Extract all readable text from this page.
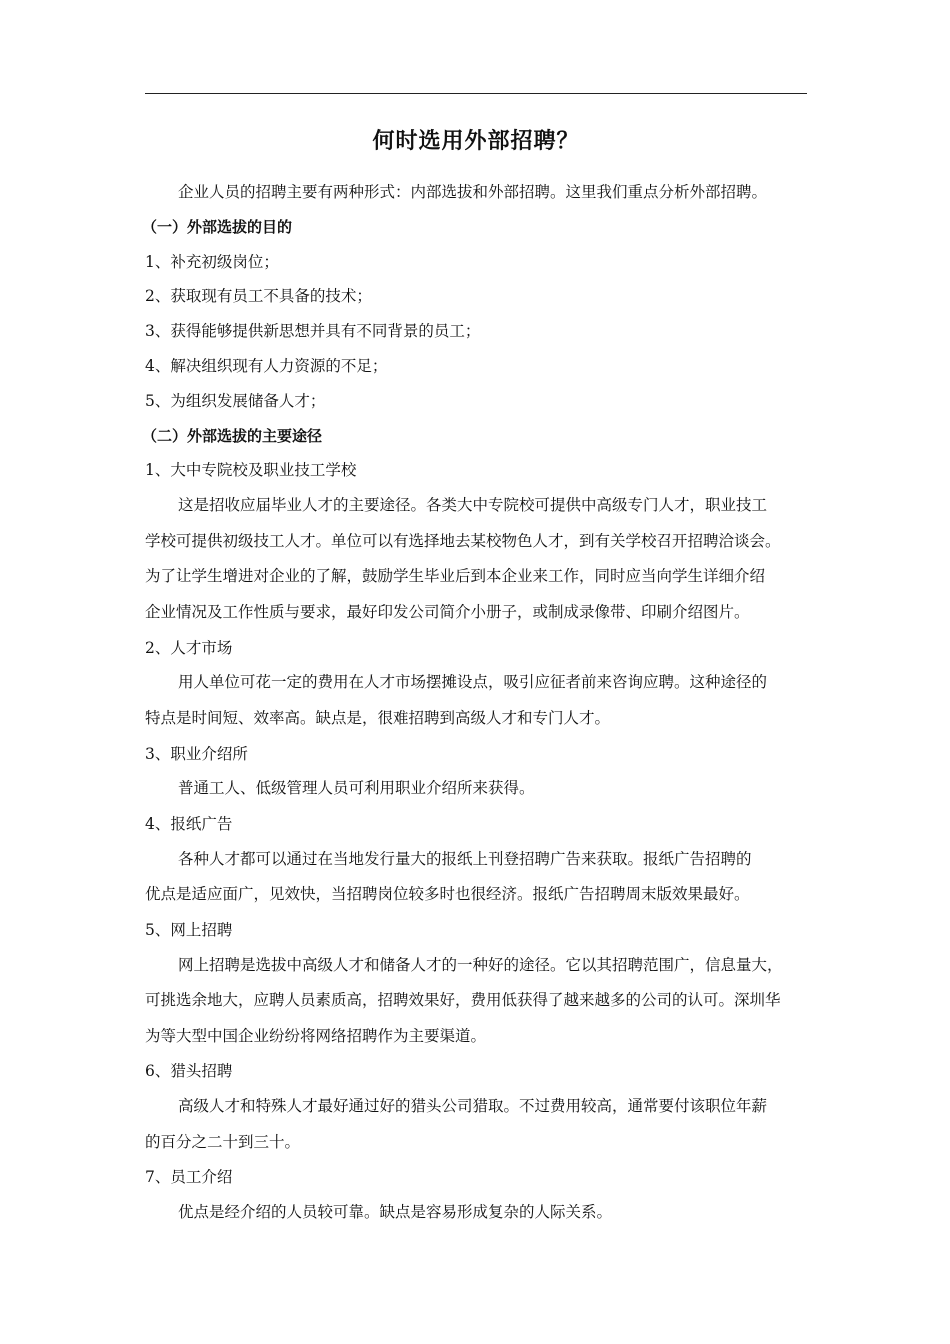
何时选用外部招聘？

企业人员的招聘主要有两种形式：内部选拔和外部招聘。这里我们重点分析外部招聘。

（一）外部选拔的目的

1、补充初级岗位；

2、获取现有员工不具备的技术；

3、获得能够提供新思想并具有不同背景的员工；

4、解决组织现有人力资源的不足；

5、为组织发展储备人才；

（二）外部选拔的主要途径

1、大中专院校及职业技工学校

这是招收应届毕业人才的主要途径。各类大中专院校可提供中高级专门人才，职业技工
学校可提供初级技工人才。单位可以有选择地去某校物色人才，到有关学校召开招聘洽谈会。
为了让学生增进对企业的了解，鼓励学生毕业后到本企业来工作，同时应当向学生详细介绍
企业情况及工作性质与要求，最好印发公司简介小册子，或制成录像带、印刷介绍图片。

2、人才市场

用人单位可花一定的费用在人才市场摆摊设点，吸引应征者前来咨询应聘。这种途径的
特点是时间短、效率高。缺点是，很难招聘到高级人才和专门人才。

3、职业介绍所

普通工人、低级管理人员可利用职业介绍所来获得。

4、报纸广告

各种人才都可以通过在当地发行量大的报纸上刊登招聘广告来获取。报纸广告招聘的
优点是适应面广，见效快，当招聘岗位较多时也很经济。报纸广告招聘周末版效果最好。

5、网上招聘

网上招聘是选拔中高级人才和储备人才的一种好的途径。它以其招聘范围广，信息量大，
可挑选余地大，应聘人员素质高，招聘效果好，费用低获得了越来越多的公司的认可。深圳华
为等大型中国企业纷纷将网络招聘作为主要渠道。

6、猎头招聘

高级人才和特殊人才最好通过好的猎头公司猎取。不过费用较高，通常要付该职位年薪
的百分之二十到三十。

7、员工介绍

优点是经介绍的人员较可靠。缺点是容易形成复杂的人际关系。
